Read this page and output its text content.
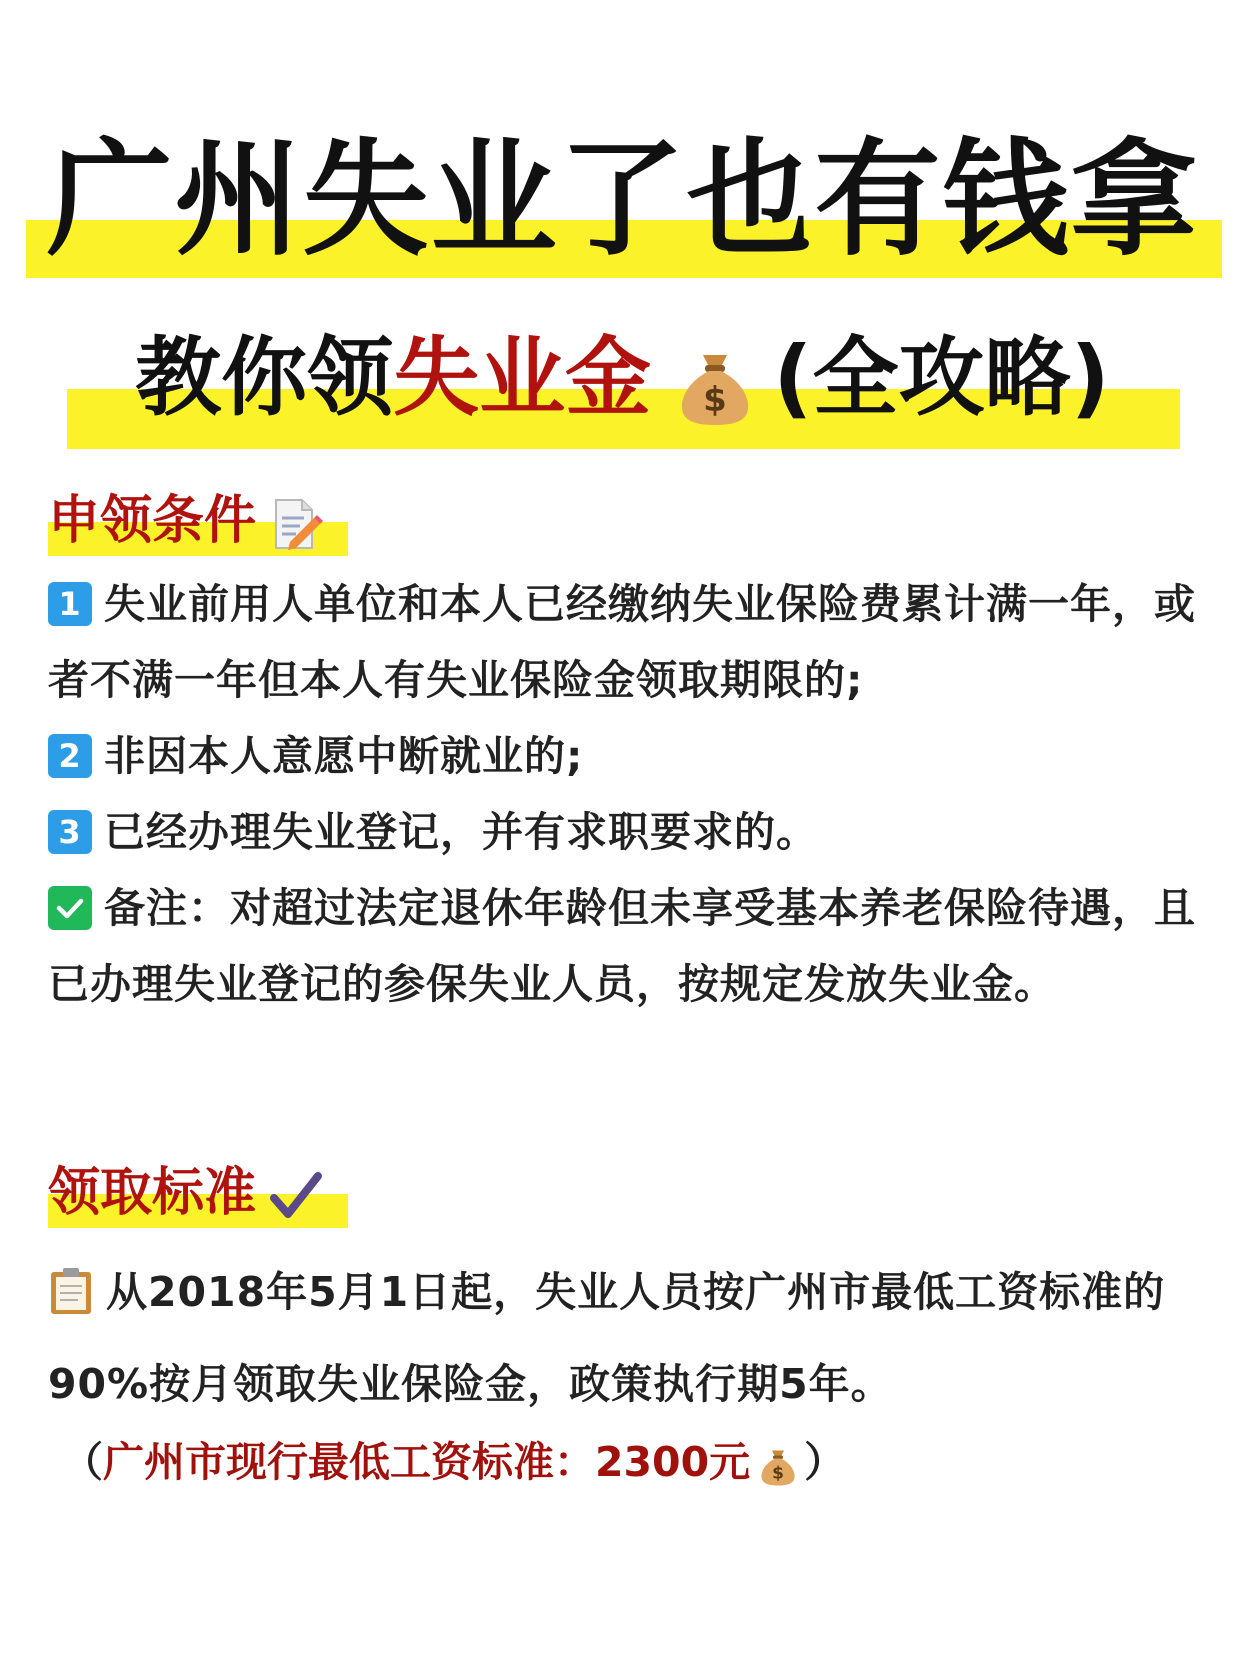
广州失业了也有钱拿
教你领失业金 $ (全攻略)
申领条件

1 失业前用人单位和本人已经缴纳失业保险费累计满一年，或者不满一年但本人有失业保险金领取期限的;

2 非因本人意愿中断就业的;

3 已经办理失业登记，并有求职要求的。

备注：对超过法定退休年龄但未享受基本养老保险待遇，且已办理失业登记的参保失业人员，按规定发放失业金。

领取标准

从2018年5月1日起，失业人员按广州市最低工资标准的90%按月领取失业保险金，政策执行期5年。

（广州市现行最低工资标准：2300元 $ ）
